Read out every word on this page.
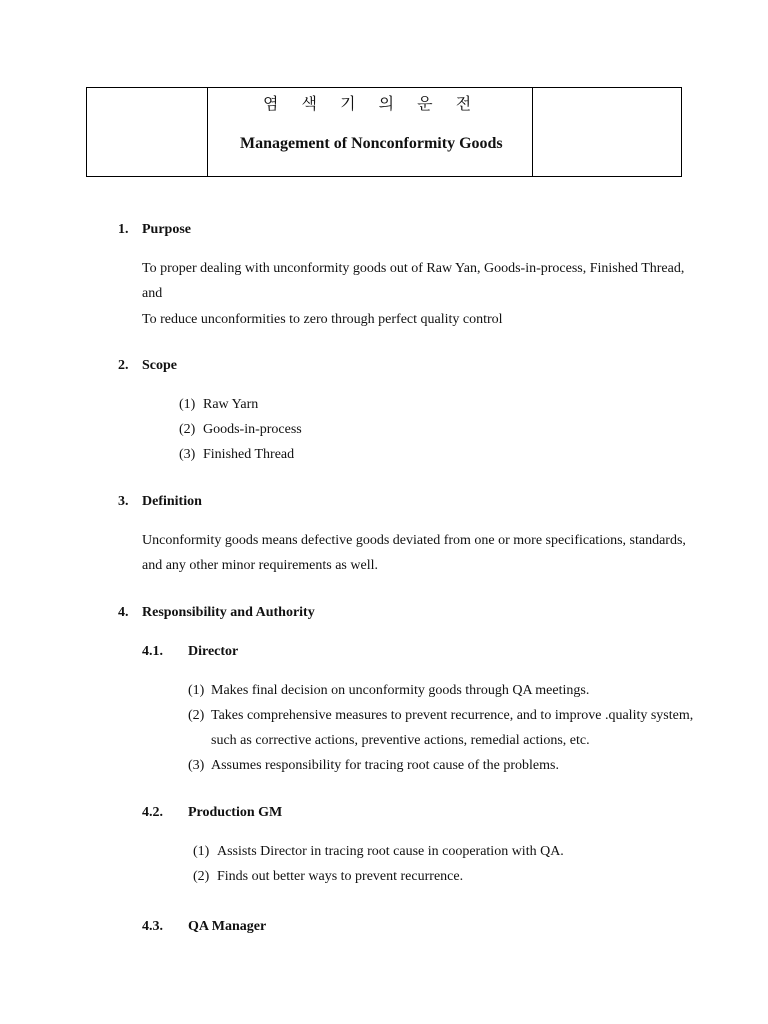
염 색 기 의 운 전
Management of Nonconformity Goods
1. Purpose
To proper dealing with unconformity goods out of Raw Yan, Goods-in-process, Finished Thread,
and
To reduce unconformities to zero through perfect quality control
2. Scope
(1) Raw Yarn
(2) Goods-in-process
(3) Finished Thread
3. Definition
Unconformity goods means defective goods deviated from one or more specifications, standards,
and any other minor requirements as well.
4. Responsibility and Authority
4.1. Director
(1) Makes final decision on unconformity goods through QA meetings.
(2) Takes comprehensive measures to prevent recurrence, and to improve .quality system,
such as corrective actions, preventive actions, remedial actions, etc.
(3) Assumes responsibility for tracing root cause of the problems.
4.2. Production GM
(1) Assists Director in tracing root cause in cooperation with QA.
(2) Finds out better ways to prevent recurrence.
4.3. QA Manager
